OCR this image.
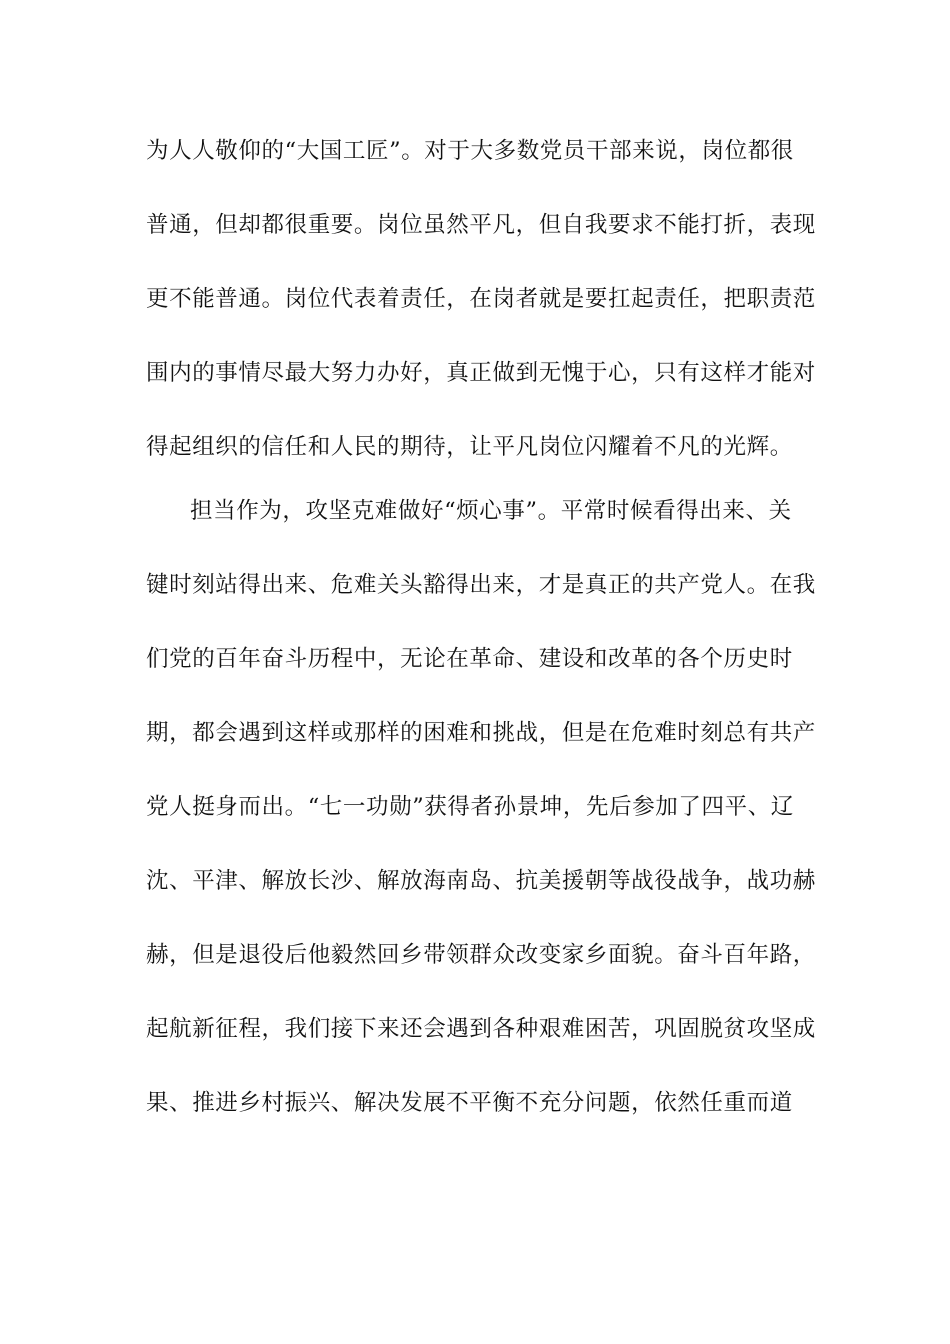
为人人敬仰的“大国工匠”。对于大多数党员干部来说，岗位都很
普通，但却都很重要。岗位虽然平凡，但自我要求不能打折，表现
更不能普通。岗位代表着责任，在岗者就是要扛起责任，把职责范
围内的事情尽最大努力办好，真正做到无愧于心，只有这样才能对
得起组织的信任和人民的期待，让平凡岗位闪耀着不凡的光辉。
担当作为，攻坚克难做好“烦心事”。平常时候看得出来、关
键时刻站得出来、危难关头豁得出来，才是真正的共产党人。在我
们党的百年奋斗历程中，无论在革命、建设和改革的各个历史时
期，都会遇到这样或那样的困难和挑战，但是在危难时刻总有共产
党人挺身而出。“七一功勋”获得者孙景坤，先后参加了四平、辽
沈、平津、解放长沙、解放海南岛、抗美援朝等战役战争，战功赫
赫，但是退役后他毅然回乡带领群众改变家乡面貌。奋斗百年路，
起航新征程，我们接下来还会遇到各种艰难困苦，巩固脱贫攻坚成
果、推进乡村振兴、解决发展不平衡不充分问题，依然任重而道
